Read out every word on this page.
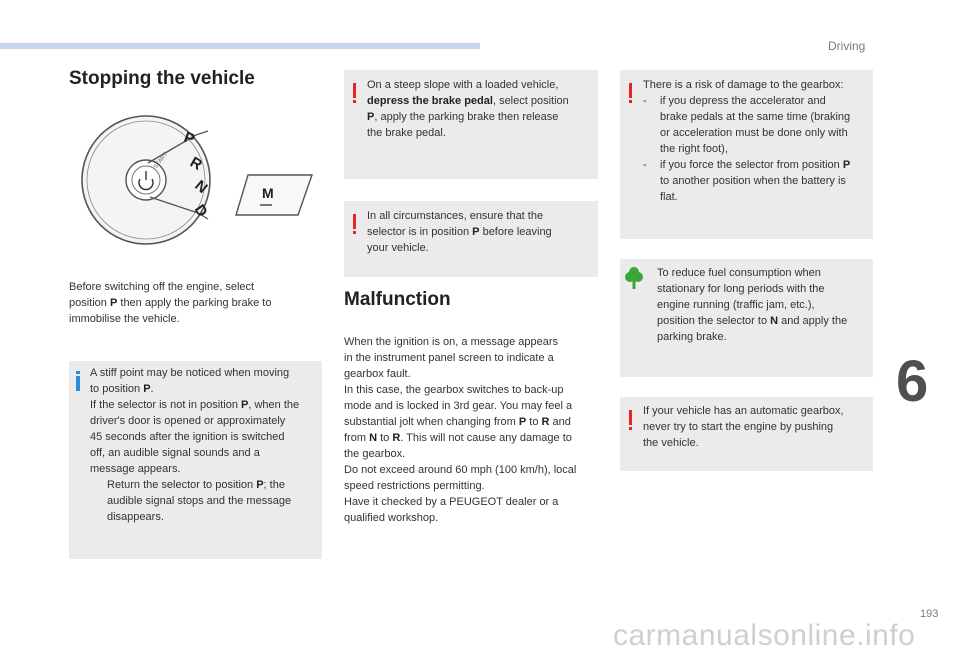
Driving
Stopping the vehicle
START
P
R
N
D
M

Before switching off the engine, select

position P then apply the parking brake to

immobilise the vehicle.

A stiff point may be noticed when moving

to position P.

If the selector is not in position P, when the

driver's door is opened or approximately

45 seconds after the ignition is switched

off, an audible signal sounds and a

message appears.

Return the selector to position P; the
audible signal stops and the message
disappears.

On a steep slope with a loaded vehicle,

depress the brake pedal, select position

P, apply the parking brake then release

the brake pedal.

In all circumstances, ensure that the

selector is in position P before leaving

your vehicle.

Malfunction

When the ignition is on, a message appears

in the instrument panel screen to indicate a

gearbox fault.

In this case, the gearbox switches to back-up

mode and is locked in 3rd gear. You may feel a

substantial jolt when changing from P to R and

from N to R. This will not cause any damage to

the gearbox.

Do not exceed around 60 mph (100 km/h), local

speed restrictions permitting.

Have it checked by a PEUGEOT dealer or a

qualified workshop.

There is a risk of damage to the gearbox:

-	if you depress the accelerator and
brake pedals at the same time (braking
or acceleration must be done only with
the right foot),
-	if you force the selector from position P
to another position when the battery is
flat.

To reduce fuel consumption when

stationary for long periods with the

engine running (traffic jam, etc.),

position the selector to N and apply the

parking brake.

If your vehicle has an automatic gearbox,

never try to start the engine by pushing

the vehicle.

6
193
carmanualsonline.info
